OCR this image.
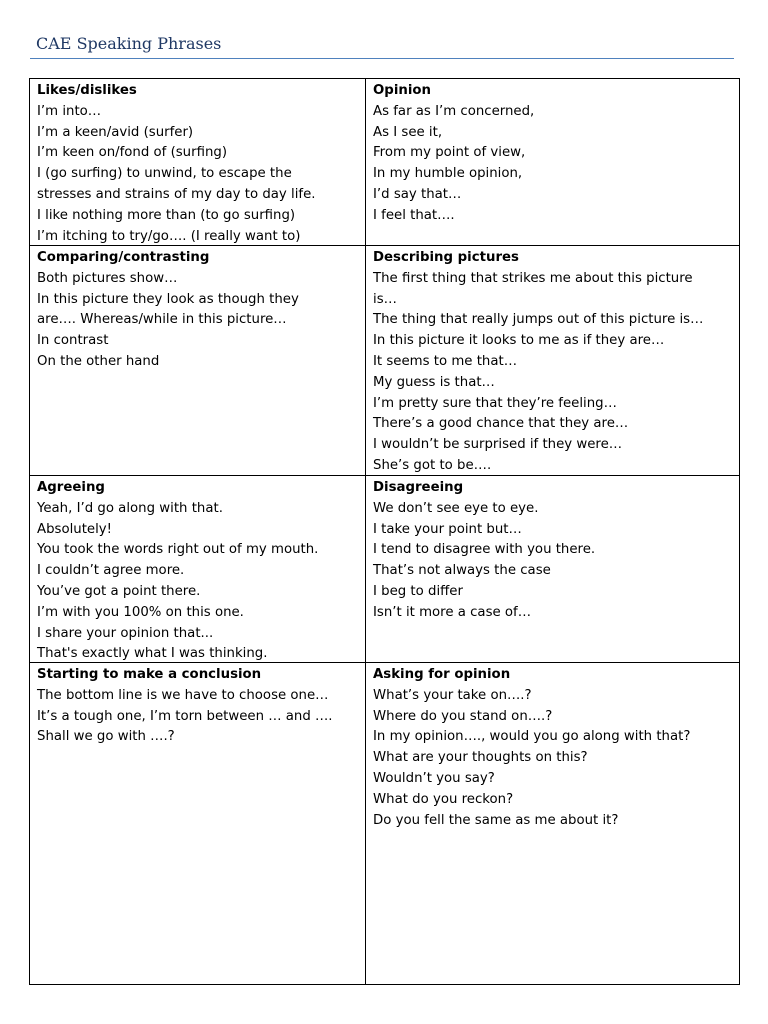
CAE Speaking Phrases
Likes/dislikes
I’m into…
I’m a keen/avid (surfer)
I’m keen on/fond of (surfing)
I (go surfing) to unwind, to escape the
stresses and strains of my day to day life.
I like nothing more than (to go surfing)
I’m itching to try/go…. (I really want to)
Opinion
As far as I’m concerned,
As I see it,
From my point of view,
In my humble opinion,
I’d say that…
I feel that….
Comparing/contrasting
Both pictures show…
In this picture they look as though they
are…. Whereas/while in this picture…
In contrast
On the other hand
Describing pictures
The first thing that strikes me about this picture
is…
The thing that really jumps out of this picture is…
In this picture it looks to me as if they are…
It seems to me that…
My guess is that…
I’m pretty sure that they’re feeling…
There’s a good chance that they are…
I wouldn’t be surprised if they were…
She’s got to be….
Agreeing
Yeah, I’d go along with that.
Absolutely!
You took the words right out of my mouth.
I couldn’t agree more.
You’ve got a point there.
I’m with you 100% on this one.
I share your opinion that...
That's exactly what I was thinking.
Disagreeing
We don’t see eye to eye.
I take your point but…
I tend to disagree with you there.
That’s not always the case
I beg to differ
Isn’t it more a case of…
Starting to make a conclusion
The bottom line is we have to choose one…
It’s a tough one, I’m torn between … and ….
Shall we go with ….?
Asking for opinion
What’s your take on….?
Where do you stand on….?
In my opinion…., would you go along with that?
What are your thoughts on this?
Wouldn’t you say?
What do you reckon?
Do you fell the same as me about it?
